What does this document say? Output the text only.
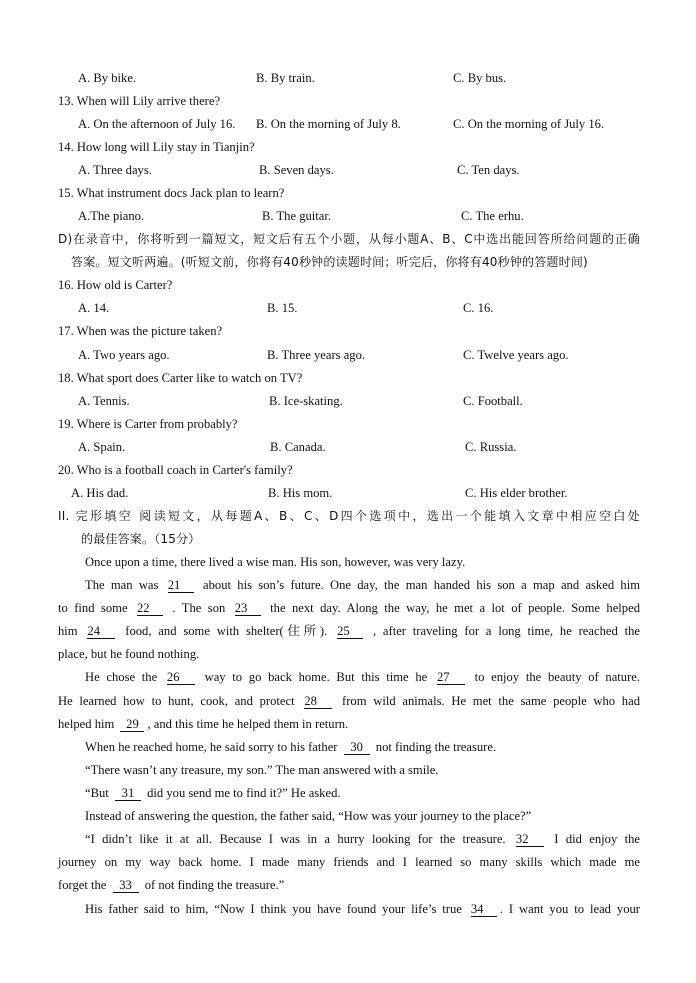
A. By bike.	B. By train.	C. By bus.
13. When will Lily arrive there?
A. On the afternoon of July 16. B. On the morning of July 8.	C. On the morning of July 16.
14. How long will Lily stay in Tianjin?
A. Three days.	B. Seven days.	C. Ten days.
15. What instrument docs Jack plan to learn?
A.The piano.	B. The guitar.	C. The erhu.
D)在录音中，你将听到一篇短文，短文后有五个小题，从每小题A、B、C中选出能回答所给问题的正确
答案。短文听两遍。(听短文前，你将有40秒钟的读题时间；听完后，你将有40秒钟的答题时间)
16. How old is Carter?
A. 14.	B. 15.	C. 16.
17. When was the picture taken?
A. Two years ago.	B. Three years ago.	C. Twelve years ago.
18. What sport does Carter like to watch on TV?
A. Tennis.	B. Ice-skating.	C. Football.
19. Where is Carter from probably?
A. Spain.	B. Canada.	C. Russia.
20. Who is a football coach in Carter's family?
A. His dad.	B. His mom.	C. His elder brother.
II. 完形填空 阅读短文，从每题A、B、C、D四个选项中，选出一个能填入文章中相应空白处
的最佳答案。（15分）
Once upon a time, there lived a wise man. His son, however, was very lazy.
The man was 21 about his son’s future. One day, the man handed his son a map and asked him
to find some 22 . The son 23 the next day. Along the way, he met a lot of people. Some helped
him 24 food, and some with shelter(住所). 25 , after traveling for a long time, he reached the
place, but he found nothing.
He chose the 26 way to go back home. But this time he 27 to enjoy the beauty of nature.
He learned how to hunt, cook, and protect 28 from wild animals. He met the same people who had
helped him 29 , and this time he helped them in return.
When he reached home, he said sorry to his father 30 not finding the treasure.
“There wasn’t any treasure, my son.” The man answered with a smile.
“But 31 did you send me to find it?” He asked.
Instead of answering the question, the father said, “How was your journey to the place?”
“I didn’t like it at all. Because I was in a hurry looking for the treasure. 32 I did enjoy the
journey on my way back home. I made many friends and I learned so many skills which made me
forget the 33 of not finding the treasure.”
His father said to him, “Now I think you have found your life’s true 34 . I want you to lead your
